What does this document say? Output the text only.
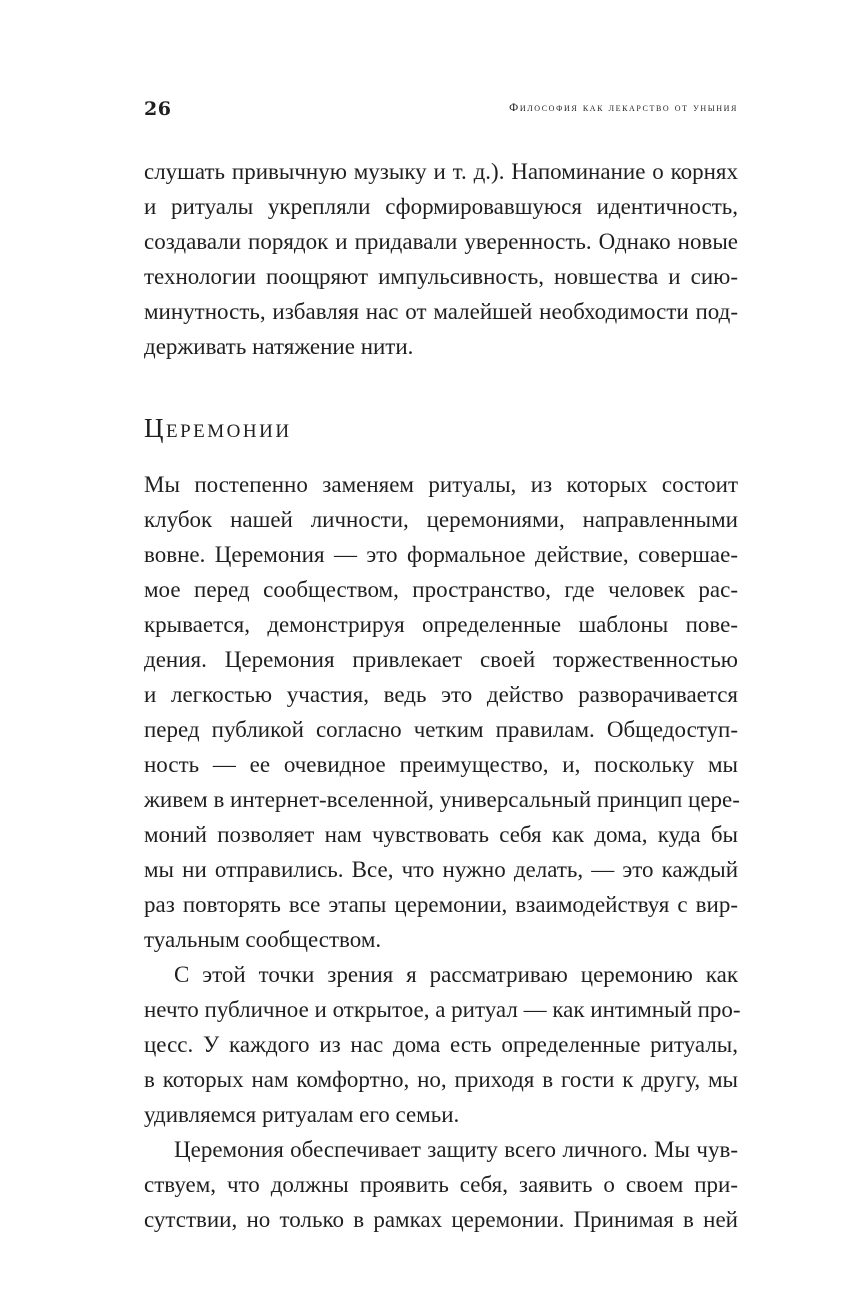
26	Философия как лекарство от уныния
слушать привычную музыку и т. д.). Напоминание о корнях
и ритуалы укрепляли сформировавшуюся идентичность,
создавали порядок и придавали уверенность. Однако новые
технологии поощряют импульсивность, новшества и сию-
минутность, избавляя нас от малейшей необходимости под-
держивать натяжение нити.
Церемонии
Мы постепенно заменяем ритуалы, из которых состоит
клубок нашей личности, церемониями, направленными
вовне. Церемония — это формальное действие, совершае-
мое перед сообществом, пространство, где человек рас-
крывается, демонстрируя определенные шаблоны пове-
дения. Церемония привлекает своей торжественностью
и легкостью участия, ведь это действо разворачивается
перед публикой согласно четким правилам. Общедоступ-
ность — ее очевидное преимущество, и, поскольку мы
живем в интернет-вселенной, универсальный принцип цере-
моний позволяет нам чувствовать себя как дома, куда бы
мы ни отправились. Все, что нужно делать, — это каждый
раз повторять все этапы церемонии, взаимодействуя с вир-
туальным сообществом.
С этой точки зрения я рассматриваю церемонию как
нечто публичное и открытое, а ритуал — как интимный про-
цесс. У каждого из нас дома есть определенные ритуалы,
в которых нам комфортно, но, приходя в гости к другу, мы
удивляемся ритуалам его семьи.
Церемония обеспечивает защиту всего личного. Мы чув-
ствуем, что должны проявить себя, заявить о своем при-
сутствии, но только в рамках церемонии. Принимая в ней
